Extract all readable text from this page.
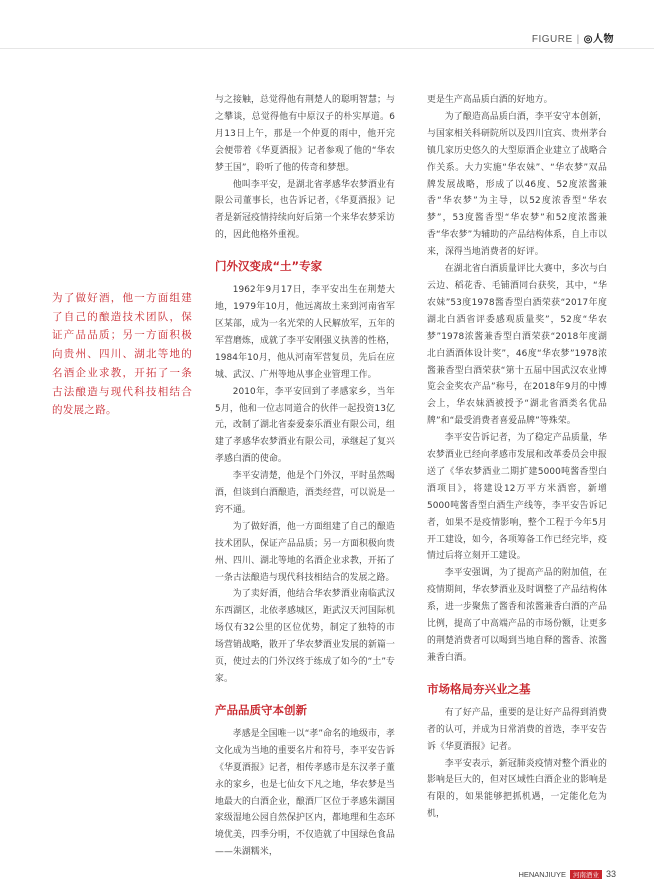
FIGURE | ◎人物
为了做好酒，他一方面组建了自己的酿造技术团队，保证产品品质；另一方面积极向贵州、四川、湖北等地的名酒企业求教，开拓了一条古法酿造与现代科技相结合的发展之路。

与之接触，总觉得他有荆楚人的聪明智慧；与之攀谈，总觉得他有中原汉子的朴实厚道。6月13日上午，那是一个仲夏的雨中，他开完会便带着《华夏酒报》记者参观了他的“华农梦王国”，聆听了他的传奇和梦想。

他叫李平安，是湖北省孝感华农梦酒业有限公司董事长，也告诉记者，《华夏酒报》记者是新冠疫情持续向好后第一个来华农梦采访的，因此他格外重视。

门外汉变成“土”专家

1962年9月17日，李平安出生在荆楚大地，1979年10月，他远离故土来到河南省军区某部，成为一名光荣的人民解放军，五年的军营磨炼，成就了李平安刚强义执善的性格，1984年10月，他从河南军营复员，先后在应城、武汉、广州等地从事企业管理工作。

2010年，李平安回到了孝感家乡，当年5月，他和一位志同道合的伙伴一起投资13亿元，改制了湖北省泰爱泰乐酒业有限公司，组建了孝感华农梦酒业有限公司，承继起了复兴孝感白酒的使命。

李平安清楚，他是个门外汉，平时虽然喝酒，但谈到白酒酿造，酒类经营，可以说是一窍不通。

为了做好酒，他一方面组建了自己的酿造技术团队，保证产品品质；另一方面积极向贵州、四川、湖北等地的名酒企业求教，开拓了一条古法酿造与现代科技相结合的发展之路。

为了卖好酒，他结合华农梦酒业南临武汉东西湖区，北依孝感城区，距武汉天河国际机场仅有32公里的区位优势，制定了独特的市场营销战略，散开了华农梦酒业发展的新篇一页，使过去的门外汉终于练成了如今的“土”专家。

产品品质守本创新

孝感是全国唯一以“孝”命名的地级市，孝文化成为当地的重要名片和符号，李平安告诉《华夏酒报》记者，相传孝感市是东汉孝子董永的家乡，也是七仙女下凡之地，华农梦是当地最大的白酒企业，酿酒厂区位于孝感朱湖国家级湿地公园自然保护区内，都地理和生态环境优美，四季分明，不仅造就了中国绿色食品——朱湖糯米，

更是生产高品质白酒的好地方。

为了酿造高品质白酒，李平安守本创新，与国家相关科研院所以及四川宜宾、贵州茅台镇几家历史悠久的大型原酒企业建立了战略合作关系。大力实施“华农妹”、“华农梦”双品牌发展战略，形成了以46度、52度浓酱兼香“华农梦”为主导，以52度浓香型“华农梦”，53度酱香型“华农梦”和52度浓酱兼香“华农梦”为辅助的产品结构体系，自上市以来，深得当地消费者的好评。

在湖北省白酒质量评比大赛中，多次与白云边、稻花香、毛铺酒同台获奖，其中，“华农妹”53度1978酱香型白酒荣获“2017年度湖北白酒省评委感观质量奖”，52度“华农梦”1978浓酱兼香型白酒荣获“2018年度湖北白酒酒体设计奖”，46度“华农梦”1978浓酱兼香型白酒荣获“第十五届中国武汉农业博览会金奖农产品”称号，在2018年9月的中博会上，华农妹酒被授予“湖北省酒类名优品牌”和“最受消费者喜爱品牌”等殊荣。

李平安告诉记者，为了稳定产品质量，华农梦酒业已经向孝感市发展和改革委员会申报送了《华农梦酒业二期扩建5000吨酱香型白酒项目》，将建设12万平方米酒窖，新增5000吨酱香型白酒生产线等，李平安告诉记者，如果不是疫情影响，整个工程于今年5月开工建设，如今，各项筹备工作已经完毕，疫情过后将立刻开工建设。

李平安强调，为了提高产品的附加值，在疫情期间，华农梦酒业及时调整了产品结构体系，进一步聚焦了酱香和浓酱兼香白酒的产品比例，提高了中高端产品的市场份额，让更多的荆楚消费者可以喝到当地自释的酱香、浓酱兼香白酒。

市场格局夯兴业之基

有了好产品，重要的是让好产品得到消费者的认可，并成为日常消费的首选，李平安告诉《华夏酒报》记者。

李平安表示，新冠肺炎疫情对整个酒业的影响是巨大的，但对区域性白酒企业的影响是有限的，如果能够把抓机遇，一定能化危为机，

HENANJIUYE	河南酒业 33
